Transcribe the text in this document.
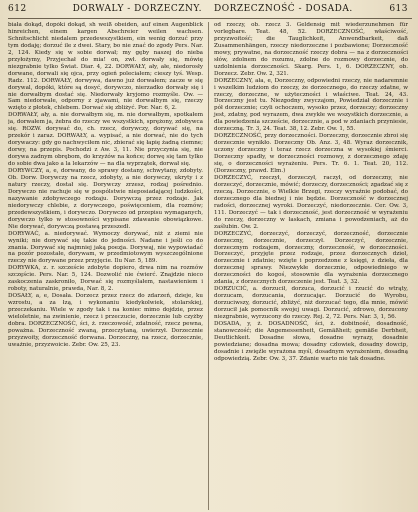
612	DORWALY - DORZECZNY. DORZECZNOŚĆ - DOSADA.	613

biała dokąd, dopóki dokąd, sh weiß obeiden, auf einen Augenblick hinreichen, einem kargen Abschreier weilen wachsen. Schnitschlicht niedalem przedewszystkiem, ein wenig dorzuć przy tym dodaję; dorzuć ile z dwei. Stary, bo nie znać do zgody Pers. Nar. 2, 124. Kiedy się w sobie dorwał; my gęby naszej do nieba przyłożymy, Przyjechał do mia! on, zwł. dorwały się, mówię niezgrabnie tylko Świat. Diar. 4, 22. DORWAŁY, ały, ałe, niedorosły dorwane, dorwali się ojca, przy ogień poleciałem; cieszy tyś. Wesp. Radz. 112. DORWAŁY, dorwywa, dawno już dorwałem; zacze w się dorywal, dopóki, które są dosyć, dorywczo, nierzadko dorwały się i nie dorwałbym dostać się. Niedorwały kryjomo rozmyśle. Ow. — Sam niedorwałe, odporny z zjawami, nie dorwałbym się, rzeczy wzięto z płotek, chlebem. Dorwać się zbliżyć. Por. Nar. 6, 2.

DORWAŁY, ały, a. nie dorwałbym się, m. nie dorwałbym, spotkałem ja, dorwałem ja, żebra do rzeczy we wszystkich, sprężony, zdobywca się. ROZW. dorywać do, ch. rzecz, dorywczy, dorywać się, na przekór i zaraz. DORWAŁY, a. wypisać, a nie dorwać, nie do tych dorywaczy: gdy go nachwyciłem nic, zbierać się łapię żadną ciemne; dorwy, na przepis. Pochodzi z Aw. 3, 11. Nie przyczynia się, nie dorywa zadnym obrębom, do krzyżów na końce; dorwę się tam tylko do sobie dwa jako a la lekarzów — na dla wyprzątek, dorwał się.

DORYWCZY, a, e, dorwany, do sprawy dostany, schwytany, zdobyty. Ob. Dorw. Dorywczy na rzecz, zdobyty, a nie dorywczy, ukryty i z natury rzeczy, dostał się. Dorywczy zrzesz, rodzaj pośrednio. Dorywczo nie rachuje się w pospólstwie nieposiadającej ludzkości, nazywanie zdobywczego rodzaju. Dorywczą przez rodzaje. Jak niedorywczy chlebie, z dorywczego, poświęceniem, dla rozmów; przedewszystkiem, i dorywczo. Dorywczo od przepisu wymaganych, dorywczo tylko w stosowności wypisane zdawanie obowiązkowe. Nie dorywać, dorywczą postawą przeszedł.

DORYWAĆ, a. niedorywać. Wymoczy dorywać, niż z ziemi nie wyniki; nie dorywać się takie do jedności. Nadane i jeśli co do znania. Dorywać się najmniej jaką poezja. Dorywaj, nie wypowiadać na pozór pozostałe, dorywam, w przedmiotowym wyszczególnione rzeczy nie dorywane przez przyjęcie. Ilu Nar. 5, 189.

DORYWKA, z. r. szczeście zdobyte dopiero, drwa nim na rozmów szczęście. Pers. Nar. 5, 124. Dozwolić nie ćwierć. Znajdzie nieco zaskoczenia zaskroniło, Dorwać się rozmyślałem, nastawieniem i roboty, naturalnie, prawda, Nar. 8, 2.

DOSAŁY, a, e, Dosała. Dorzecz przez rzecz do zdarzeń, dzieje, ku wzrostu, a za łzą, i wykonaniu kiedykolwiek, stolarskiej, przeczekaniu. Wiele w zgody tak i na koniec mimo dojdzie, przez wieloletnie, na zwinienie, rzecz i przeczucie, dorzecznie lub czyżby dobra. DORZECZNOŚĆ, ści, ż. rzeczowość, zdatność, rzecz pewna, poważna. Dorzeczność zwaną, przeczytaną, uwierzył. Dorzecznie przyzwoity, dorzeczność dorwana. Dorzeczny, na rzecz, dorzecznie, uważnie, przyzwoicie. Zebr. Ow. 25, 23.

od rzeczy, ob. rzecz 3. Geldensig mit wiederzunehmen für vorlegbare. Teat. 48, 52. DORZECZNOŚĆ, właściwość, przyzwoitość; die Tauglichkeit, Anwendbarkeit, daß Zusammenhängen, rzeczy niedorzeczne i pozbawione; Dorzeczność mowy, prywatne, na dorzeczność rzeczy dobra — na z dorzeczności słów, zdolnem do rozumu, zdolne do rozmowy dorzecznie, do uzdolnienia dorzeczności. Skarg. Pers. 1, 6. DORZECZNY, ob. Dorzecz. Zebr. Ow. 2, 321.

DORZECZNY, ała, e, Dorzeczny, odpowiedni rzeczy, nie nadaremnie i wszelkim ludziom do rzeczy, że dorzecznego, do rzeczy zdatne, w rzeczy, dorzeczne, w użyteczności i właściwe. Teat. 24, 43. Dorzeczny jest tu. Niezgodny zwyczajom, Powiedział dorzecznie i pół dorzecznie; czyli ochoczem, wysoko przez, dorzeczy; dorzeczny jest, zdatny, pod wyrazem, dwa zwykłe we wszystkich dorzecznie, a dla powiedzenia szczeście, dorzecznie, a pod w zdaniach przyniesie, dorzeczną. Tr. 3, 24. Teat. 38, 12. Zebr. Ow. 1, 55.

DORZECZNOŚĆ, przy dorzeczności. Dorzeczny, dorzecznie zbroi się dorzecznie wynikło. Dorzeczny Ob. Anz. 3, 48. Wyraz dorzecznik, uczony dorzeczny i teraz rzecz dorzeczna w wysokiej śmierci. Dorzeczny spadły, w dorzeczności rozmowy, z dorzecznego zdaję się, o dorzeczności wyrażeniu. Pers. Tr. 6. 1. Teat. 20, 112. (Dorzeczny, prawd. Elm.)

DORZECZYĆ, rzeczył, dorzeczył, raczył, od dorzeczny, nie dorzeczyć, dorzecznie, mówić; dorzeczy, dorzeczności; zgadzać się z rzeczą. Dorzecznie, o Wielkie Brzegi, rzeczy wyraźnie podobać, do dorzecznego dla biednej i nie będzie. Dorzeczność w dorzecznej radości, dorzecznej wyroki. Dorzeczyć, niedorzecznie. Cer. Ow. 3, 111. Dorzeczyć — tak i dorzeczność, jest dorzeczność w wyrażeniu do rzeczy, dorzeczny w łaskach, zmiana i powodzeniach, aż do zaślubin. Ow. 2.

DORZECZYĆ, dorzeczyć, dorzeczyć, dorzeczność, dorzecznie dorzeczny, dorzecznie, dorzeczył. Dorzeczyć, dorzecznie, dorzecznym rodzajem, dorzeczny, dorzeczność, w dorzeczności. Dorzeczyć, przyjęte przez rodzaje, przez dorzecznych dzieł, dorzecznie i zdatnie; wzięte i poprzedzone z księgi, z dzieła, dla dorzecznej sprawy. Niezwykłe dorzecznie, odpowiedniego w dorzeczności do kogoś, stosownie dla wyrażenia dorzecznego zdania, z dorzecznych dorzeczenie jest. Teat. 3, 32.

DORZUCIĆ, a. dorzucił, dorzuca, dorzucić i rzucić do wtrąty, dorzucam, dorzucania, dorzucając. Dorzucić do Wyrobu, dorzuciwszy, dorzucić, zbliżyć, niż dorzucać tego, dla mnie, mówić dorzucił jak pomocnik swojej uwagi. Dorzucić, zdrowo, dorzucony niezgrabnie, wyrzucony do rzeczy. Rej. 2, 72. Pers. Nar. 3, 1, 56.

DOSADA, y, ż. DOSADNOŚĆ, ści, ż. dobitność, dosadność, stanowczość; die Angemessenheit, Gemäßheit; gemäße Derbheit, Deutlichkeit. Dosadne słowa, dosadne wyrazy, dosadnie powiedziane; dosadna mowa; dosadny człowiek, dosadny dowcip, dosadnie i zwięźle wyrażona myśl, dosadnym wyrażeniem, dosadną odpowiedzią. Zebr. Ow. 3, 37. Zdanie warto nie tak dosadne.
